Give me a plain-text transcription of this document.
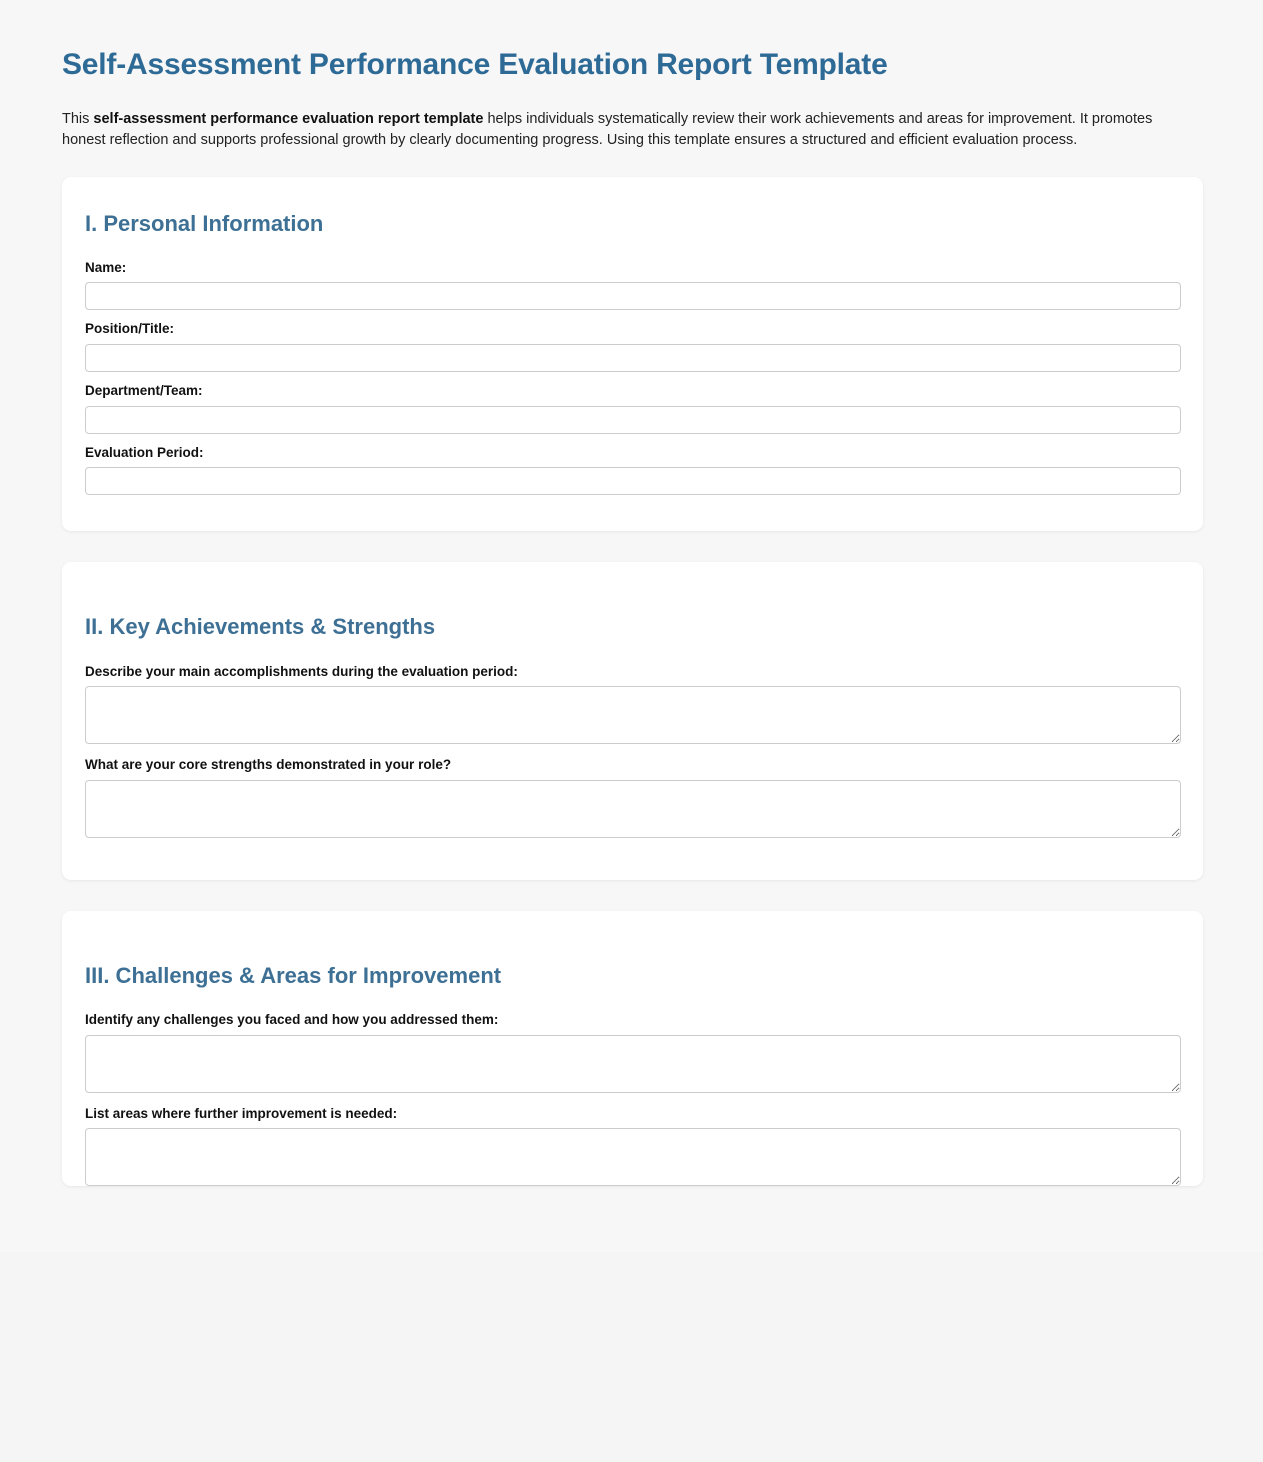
Self-Assessment Performance Evaluation Report Template

This self-assessment performance evaluation report template helps individuals systematically review their work achievements and areas for improvement. It promotes honest reflection and supports professional growth by clearly documenting progress. Using this template ensures a structured and efficient evaluation process.

I. Personal Information
Name:
Position/Title:
Department/Team:
Evaluation Period:
II. Key Achievements & Strengths
Describe your main accomplishments during the evaluation period:
What are your core strengths demonstrated in your role?
III. Challenges & Areas for Improvement
Identify any challenges you faced and how you addressed them:
List areas where further improvement is needed:
